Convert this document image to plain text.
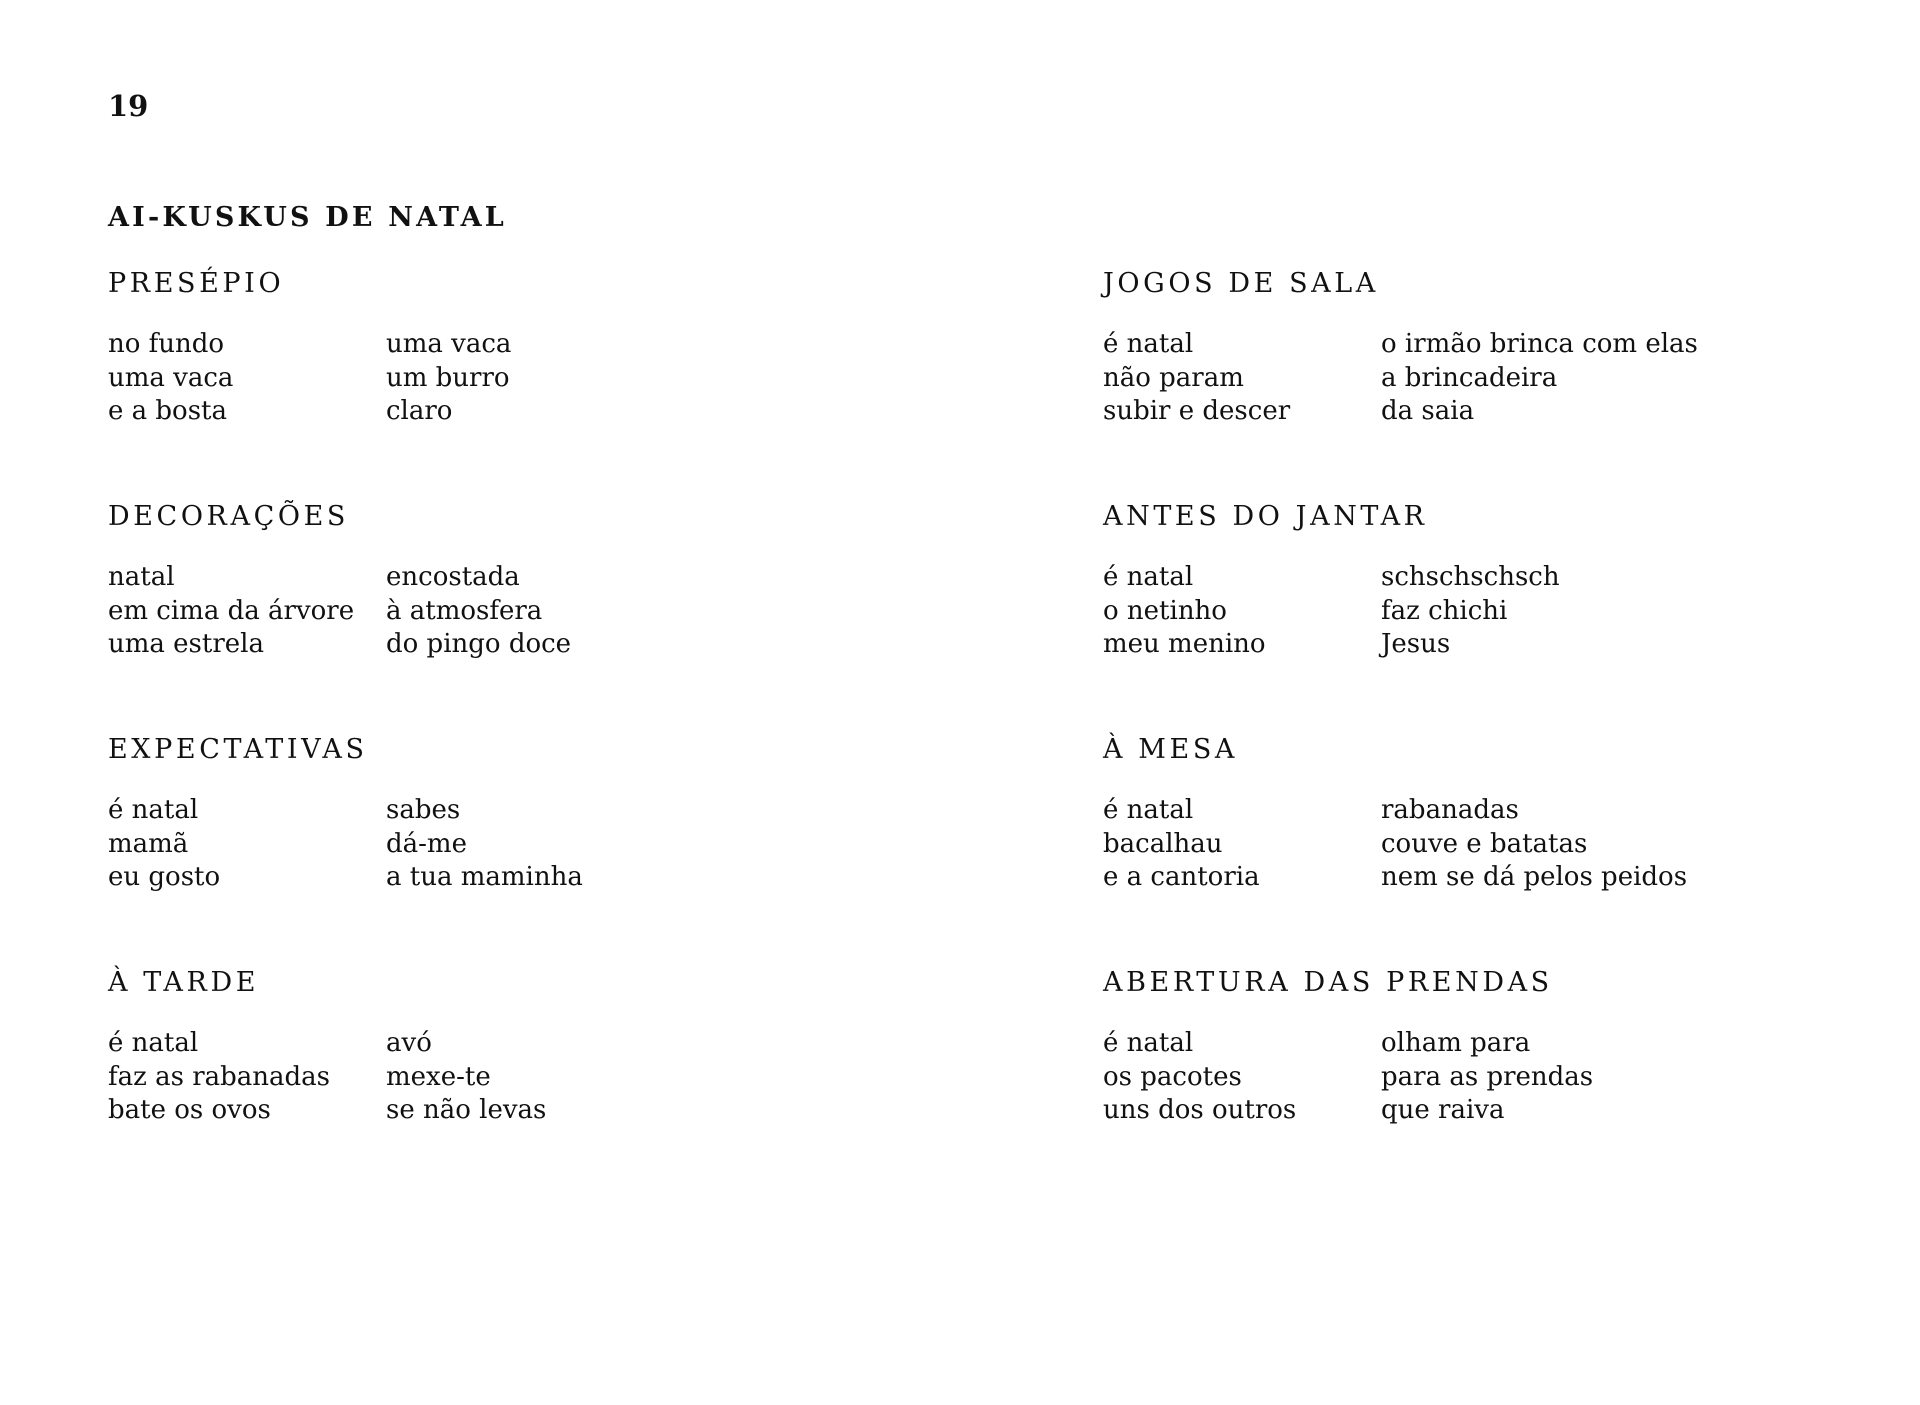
19
AI-KUSKUS DE NATAL
PRESÉPIO
no fundo
uma vaca
e a bosta
uma vaca
um burro
claro
DECORAÇÕES
natal
em cima da árvore
uma estrela
encostada
à atmosfera
do pingo doce
EXPECTATIVAS
é natal
mamã
eu gosto
sabes
dá-me
a tua maminha
À TARDE
é natal
faz as rabanadas
bate os ovos
avó
mexe-te
se não levas
JOGOS DE SALA
é natal
não param
subir e descer
o irmão brinca com elas
a brincadeira
da saia
ANTES DO JANTAR
é natal
o netinho
meu menino
schschschsch
faz chichi
Jesus
À MESA
é natal
bacalhau
e a cantoria
rabanadas
couve e batatas
nem se dá pelos peidos
ABERTURA DAS PRENDAS
é natal
os pacotes
uns dos outros
olham para
para as prendas
que raiva
